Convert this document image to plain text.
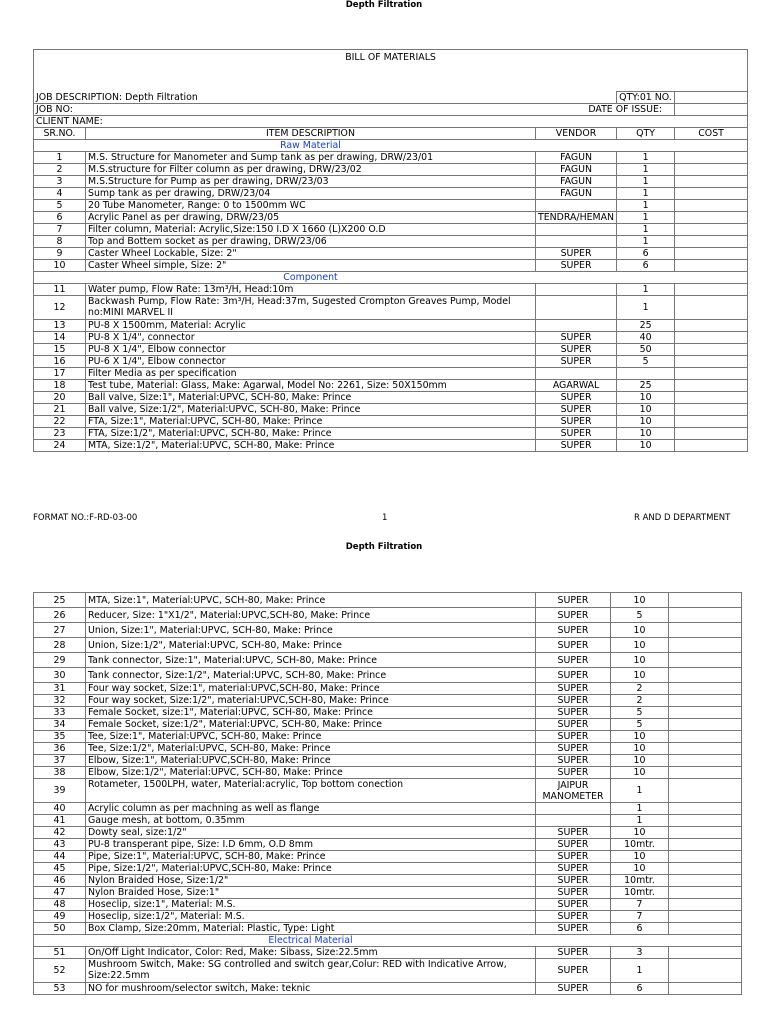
Depth Filtration
BILL OF MATERIALS				
JOB DESCRIPTION: Depth Filtration			QTY:01 NO.	
JOB NO:		DATE OF ISSUE:		
CLIENT NAME:				
SR.NO.	ITEM DESCRIPTION	VENDOR	QTY	COST
	Raw Material			
1	M.S. Structure for Manometer and Sump tank as per drawing, DRW/23/01	FAGUN	1	
2	M.S.structure for Filter column as per drawing, DRW/23/02	FAGUN	1	
3	M.S.Structure for Pump as per drawing, DRW/23/03	FAGUN	1	
4	Sump tank as per drawing, DRW/23/04	FAGUN	1	
5	20 Tube Manometer, Range: 0 to 1500mm WC		1	
6	Acrylic Panel as per drawing, DRW/23/05	TENDRA/HEMAN	1	
7	Filter column, Material: Acrylic,Size:150 I.D X 1660 (L)X200 O.D		1	
8	Top and Bottem socket as per drawing, DRW/23/06		1	
9	Caster Wheel Lockable, Size: 2"	SUPER	6	
10	Caster Wheel simple, Size: 2"	SUPER	6	
	Component			
11	Water pump, Flow Rate: 13m³/H, Head:10m		1	
12	Backwash Pump, Flow Rate: 3m³/H, Head:37m, Sugested Crompton Greaves Pump, Model no:MINI MARVEL II		1	
13	PU-8 X 1500mm, Material: Acrylic		25	
14	PU-8 X 1/4", connector	SUPER	40	
15	PU-8 X 1/4", Elbow connector	SUPER	50	
16	PU-6 X 1/4", Elbow connector	SUPER	5	
17	Filter Media as per specification			
18	Test tube, Material: Glass, Make: Agarwal, Model No: 2261, Size: 50X150mm	AGARWAL	25	
20	Ball valve, Size:1", Material:UPVC, SCH-80, Make: Prince	SUPER	10	
21	Ball valve, Size:1/2", Material:UPVC, SCH-80, Make: Prince	SUPER	10	
22	FTA, Size:1", Material:UPVC, SCH-80, Make: Prince	SUPER	10	
23	FTA, Size:1/2", Material:UPVC, SCH-80, Make: Prince	SUPER	10	
24	MTA, Size:1/2", Material:UPVC, SCH-80, Make: Prince	SUPER	10	
FORMAT NO.:F-RD-03-00	1	R AND D DEPARTMENT
Depth Filtration
25	MTA, Size:1", Material:UPVC, SCH-80, Make: Prince	SUPER	10	
26	Reducer, Size: 1"X1/2", Material:UPVC,SCH-80, Make: Prince	SUPER	5	
27	Union, Size:1", Material:UPVC, SCH-80, Make: Prince	SUPER	10	
28	Union, Size:1/2", Material:UPVC, SCH-80, Make: Prince	SUPER	10	
29	Tank connector, Size:1", Material:UPVC, SCH-80, Make: Prince	SUPER	10	
30	Tank connector, Size:1/2", Material:UPVC, SCH-80, Make: Prince	SUPER	10	
31	Four way socket, Size:1", material:UPVC,SCH-80, Make: Prince	SUPER	2	
32	Four way socket, Size:1/2", material:UPVC,SCH-80, Make: Prince	SUPER	2	
33	Female Socket, size:1", Material:UPVC, SCH-80, Make: Prince	SUPER	5	
34	Female Socket, size:1/2", Material:UPVC, SCH-80, Make: Prince	SUPER	5	
35	Tee, Size:1", Material:UPVC, SCH-80, Make: Prince	SUPER	10	
36	Tee, Size:1/2", Material:UPVC, SCH-80, Make: Prince	SUPER	10	
37	Elbow, Size:1", Material:UPVC,SCH-80, Make: Prince	SUPER	10	
38	Elbow, Size:1/2", Material:UPVC, SCH-80, Make: Prince	SUPER	10	
39	Rotameter, 1500LPH, water, Material:acrylic, Top bottom conection	JAIPUR MANOMETER	1	
40	Acrylic column as per machning as well as flange		1	
41	Gauge mesh, at bottom, 0.35mm		1	
42	Dowty seal, size:1/2"	SUPER	10	
43	PU-8 transperant pipe, Size: I.D 6mm, O.D 8mm	SUPER	10mtr.	
44	Pipe, Size:1", Material:UPVC, SCH-80, Make: Prince	SUPER	10	
45	Pipe, Size:1/2", Material:UPVC,SCH-80, Make: Prince	SUPER	10	
46	Nylon Braided Hose, Size:1/2"	SUPER	10mtr.	
47	Nylon Braided Hose, Size:1"	SUPER	10mtr.	
48	Hoseclip, size:1", Material: M.S.	SUPER	7	
49	Hoseclip, size:1/2", Material: M.S.	SUPER	7	
50	Box Clamp, Size:20mm, Material: Plastic, Type: Light	SUPER	6	
	Electrical Material			
51	On/Off Light Indicator, Color: Red, Make: Sibass, Size:22.5mm	SUPER	3	
52	Mushroom Switch, Make: SG controlled and switch gear,Colur: RED with Indicative Arrow, Size:22.5mm	SUPER	1	
53	NO for mushroom/selector switch, Make: teknic	SUPER	6	
